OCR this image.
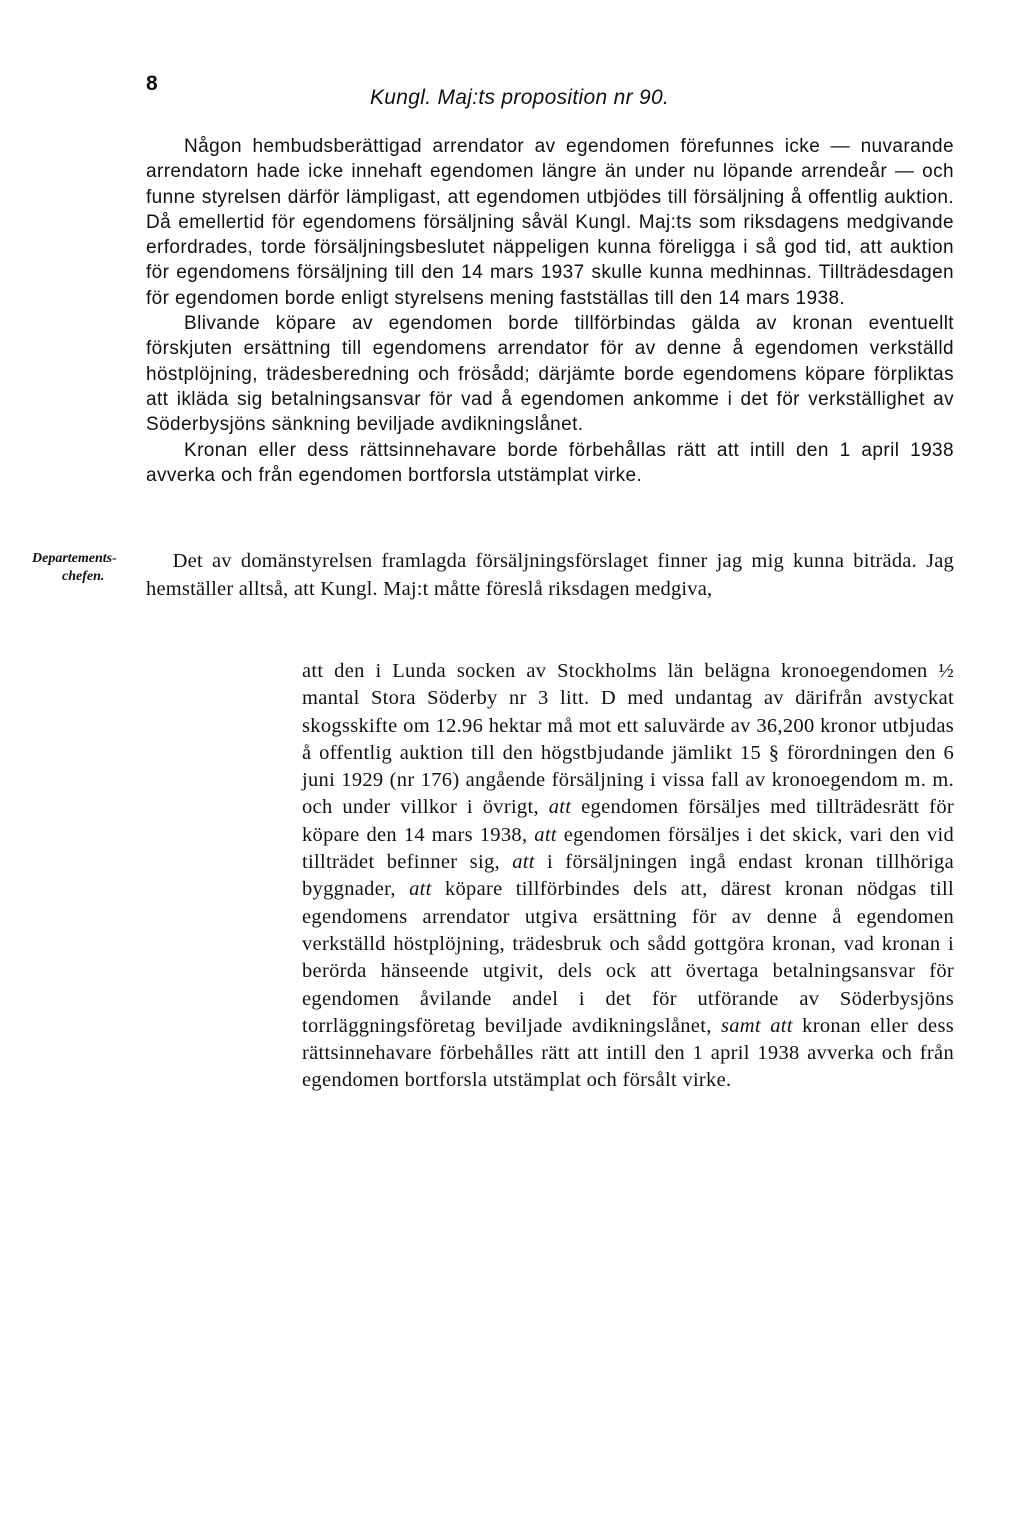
8
Kungl. Maj:ts proposition nr 90.

Någon hembudsberättigad arrendator av egendomen förefunnes icke — nuvarande arrendatorn hade icke innehaft egendomen längre än under nu löpande arrendeår — och funne styrelsen därför lämpligast, att egendomen utbjödes till försäljning å offentlig auktion. Då emellertid för egendomens försäljning såväl Kungl. Maj:ts som riksdagens medgivande erfordrades, torde försäljningsbeslutet näppeligen kunna föreligga i så god tid, att auktion för egendomens försäljning till den 14 mars 1937 skulle kunna medhinnas. Tillträdesdagen för egendomen borde enligt styrelsens mening fastställas till den 14 mars 1938.

Blivande köpare av egendomen borde tillförbindas gälda av kronan eventuellt förskjuten ersättning till egendomens arrendator för av denne å egendomen verkställd höstplöjning, trädesberedning och frösådd; därjämte borde egendomens köpare förpliktas att ikläda sig betalningsansvar för vad å egendomen ankomme i det för verkställighet av Söderbysjöns sänkning beviljade avdikningslånet.

Kronan eller dess rättsinnehavare borde förbehållas rätt att intill den 1 april 1938 avverka och från egendomen bortforsla utstämplat virke.

Departements-
chefen.

Det av domänstyrelsen framlagda försäljningsförslaget finner jag mig kunna biträda. Jag hemställer alltså, att Kungl. Maj:t måtte föreslå riksdagen medgiva,

att den i Lunda socken av Stockholms län belägna kronoegendomen ½ mantal Stora Söderby nr 3 litt. D med undantag av därifrån avstyckat skogsskifte om 12.96 hektar må mot ett saluvärde av 36,200 kronor utbjudas å offentlig auktion till den högstbjudande jämlikt 15 § förordningen den 6 juni 1929 (nr 176) angående försäljning i vissa fall av kronoegendom m. m. och under villkor i övrigt, att egendomen försäljes med tillträdesrätt för köpare den 14 mars 1938, att egendomen försäljes i det skick, vari den vid tillträdet befinner sig, att i försäljningen ingå endast kronan tillhöriga byggnader, att köpare tillförbindes dels att, därest kronan nödgas till egendomens arrendator utgiva ersättning för av denne å egendomen verkställd höstplöjning, trädesbruk och sådd gottgöra kronan, vad kronan i berörda hänseende utgivit, dels ock att övertaga betalningsansvar för egendomen åvilande andel i det för utförande av Söderbysjöns torrläggningsföretag beviljade avdikningslånet, samt att kronan eller dess rättsinnehavare förbehålles rätt att intill den 1 april 1938 avverka och från egendomen bortforsla utstämplat och försålt virke.
